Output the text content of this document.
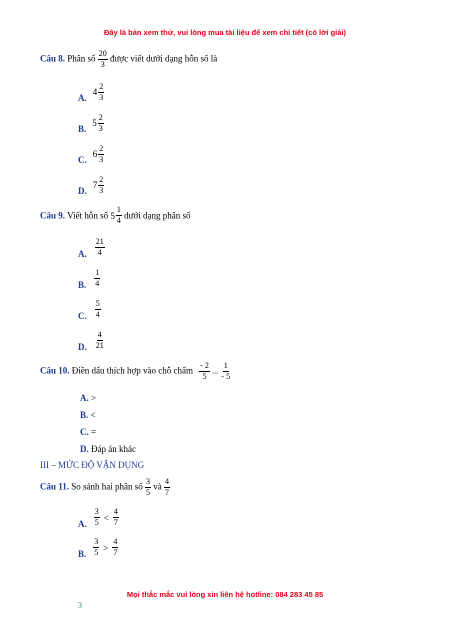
Đây là bản xem thử, vui lòng mua tài liệu để xem chi tiết (có lời giải)
Câu 8. Phân số $\frac{20}{3}$ được viết dưới dạng hỗn số là
$_{A.}$
$4 \frac{2}{3}$
$_{B.}$
$5 \frac{2}{3}$
$_{C.}$
$6 \frac{2}{3}$
$_{D.}$
$7 \frac{2}{3}$
Câu 9. Viết hỗn số $5 \frac{1}{4}$ dưới dạng phân số
$_{A.} \frac{21}{4}$
$_{B.} \frac{1}{4}$
$_{C.} \frac{5}{4}$
$_{D.} \frac{4}{21}$
Câu 10. Điền dấu thích hợp vào chỗ chấm $\frac{- 2}{5}$ ... $\frac{1}{- 5}$
A. >
B. <
C. =
D. Đáp án khác
III – MỨC ĐỘ VẬN DỤNG
Câu 11. So sánh hai phân số $\frac{3}{5}$ và $\frac{4}{7}$
$_{A.} \frac{3}{5} < \frac{4}{7}$
$_{B.} \frac{3}{5} > \frac{4}{7}$
Mọi thắc mắc vui lòng xin liên hệ hotline: 084 283 45 85
3
